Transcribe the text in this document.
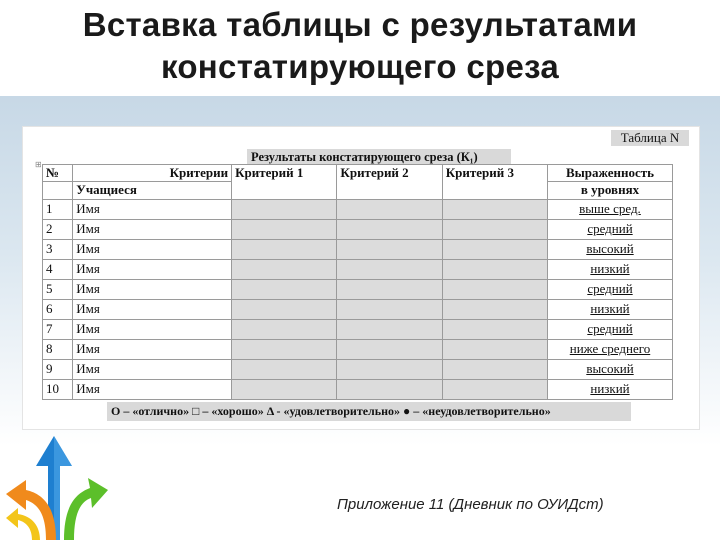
Вставка таблицы с результатами
констатирующего среза
Таблица N
Результаты констатирующего среза (К₁)
⊞
№	Критерии	Критерий 1	Критерий 2	Критерий 3	Выраженность
	Учащиеся				в уровнях
1	Имя				выше сред.
2	Имя				средний
3	Имя				высокий
4	Имя				низкий
5	Имя				средний
6	Имя				низкий
7	Имя				средний
8	Имя				ниже среднего
9	Имя				высокий
10	Имя				низкий
О – «отлично» □ – «хорошо» Δ - «удовлетворительно» ● – «неудовлетворительно»
Приложение 11 (Дневник по ОУИДст)
